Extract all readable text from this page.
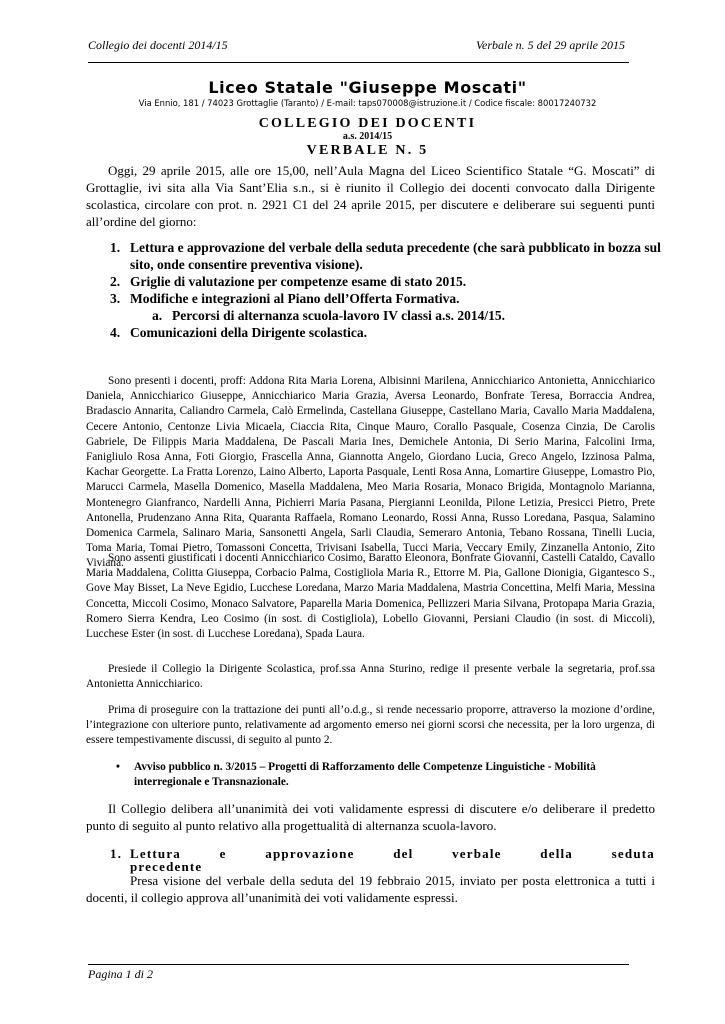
Collegio dei docenti 2014/15	Verbale n. 5 del 29 aprile 2015
Liceo Statale "Giuseppe Moscati"
Via Ennio, 181 / 74023 Grottaglie (Taranto) / E-mail: taps070008@istruzione.it / Codice fiscale: 80017240732
COLLEGIO DEI DOCENTI
a.s. 2014/15
VERBALE N. 5

Oggi, 29 aprile 2015, alle ore 15,00, nell’Aula Magna del Liceo Scientifico Statale “G. Moscati” di Grottaglie, ivi sita alla Via Sant’Elia s.n., si è riunito il Collegio dei docenti convocato dalla Dirigente scolastica, circolare con prot. n. 2921 C1 del 24 aprile 2015, per discutere e deliberare sui seguenti punti all’ordine del giorno:

1. Lettura e approvazione del verbale della seduta precedente (che sarà pubblicato in bozza sul sito, onde consentire preventiva visione).
2. Griglie di valutazione per competenze esame di stato 2015.
3. Modifiche e integrazioni al Piano dell’Offerta Formativa.
a. Percorsi di alternanza scuola-lavoro IV classi a.s. 2014/15.
4. Comunicazioni della Dirigente scolastica.

Sono presenti i docenti, proff: Addona Rita Maria Lorena, Albisinni Marilena, Annicchiarico Antonietta, Annicchiarico Daniela, Annicchiarico Giuseppe, Annicchiarico Maria Grazia, Aversa Leonardo, Bonfrate Teresa, Borraccia Andrea, Bradascio Annarita, Caliandro Carmela, Calò Ermelinda, Castellana Giuseppe, Castellano Maria, Cavallo Maria Maddalena, Cecere Antonio, Centonze Livia Micaela, Ciaccia Rita, Cinque Mauro, Corallo Pasquale, Cosenza Cinzia, De Carolis Gabriele, De Filippis Maria Maddalena, De Pascali Maria Ines, Demichele Antonia, Di Serio Marina, Falcolini Irma, Fanigliulo Rosa Anna, Foti Giorgio, Frascella Anna, Giannotta Angelo, Giordano Lucia, Greco Angelo, Izzinosa Palma, Kachar Georgette. La Fratta Lorenzo, Laino Alberto, Laporta Pasquale, Lenti Rosa Anna, Lomartire Giuseppe, Lomastro Pio, Marucci Carmela, Masella Domenico, Masella Maddalena, Meo Maria Rosaria, Monaco Brigida, Montagnolo Marianna, Montenegro Gianfranco, Nardelli Anna, Pichierri Maria Pasana, Piergianni Leonilda, Pilone Letizia, Presicci Pietro, Prete Antonella, Prudenzano Anna Rita, Quaranta Raffaela, Romano Leonardo, Rossi Anna, Russo Loredana, Pasqua, Salamino Domenica Carmela, Salinaro Maria, Sansonetti Angela, Sarli Claudia, Semeraro Antonia, Tebano Rossana, Tinelli Lucia, Toma Maria, Tomai Pietro, Tomassoni Concetta, Trivisani Isabella, Tucci Maria, Veccary Emily, Zinzanella Antonio, Zito Viviana.

Sono assenti giustificati i docenti Annicchiarico Cosimo, Baratto Eleonora, Bonfrate Giovanni, Castelli Cataldo, Cavallo Maria Maddalena, Colitta Giuseppa, Corbacio Palma, Costigliola Maria R., Ettorre M. Pia, Gallone Dionigia, Gigantesco S., Gove May Bisset, La Neve Egidio, Lucchese Loredana, Marzo Maria Maddalena, Mastria Concettina, Melfi Maria, Messina Concetta, Miccoli Cosimo, Monaco Salvatore, Paparella Maria Domenica, Pellizzeri Maria Silvana, Protopapa Maria Grazia, Romero Sierra Kendra, Leo Cosimo (in sost. di Costigliola), Lobello Giovanni, Persiani Claudio (in sost. di Miccoli), Lucchese Ester (in sost. di Lucchese Loredana), Spada Laura.

Presiede il Collegio la Dirigente Scolastica, prof.ssa Anna Sturino, redige il presente verbale la segretaria, prof.ssa Antonietta Annicchiarico.

Prima di proseguire con la trattazione dei punti all’o.d.g., si rende necessario proporre, attraverso la mozione d’ordine, l’integrazione con ulteriore punto, relativamente ad argomento emerso nei giorni scorsi che necessita, per la loro urgenza, di essere tempestivamente discussi, di seguito al punto 2.

• Avviso pubblico n. 3/2015 – Progetti di Rafforzamento delle Competenze Linguistiche - Mobilità interregionale e Transnazionale.

Il Collegio delibera all’unanimità dei voti validamente espressi di discutere e/o deliberare il predetto punto di seguito al punto relativo alla progettualità di alternanza scuola-lavoro.

1. Lettura e approvazione del verbale della seduta
precedente

Presa visione del verbale della seduta del 19 febbraio 2015, inviato per posta elettronica a tutti i docenti, il collegio approva all’unanimità dei voti validamente espressi.

Pagina 1 di 2
